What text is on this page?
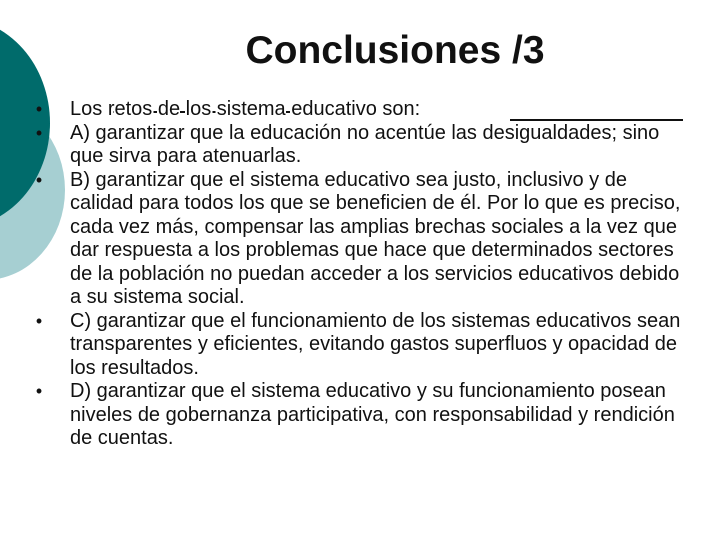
Conclusiones /3
• Los retos de los sistema educativo son:
• A) garantizar que la educación no acentúe las desigualdades; sino que sirva para atenuarlas.
• B) garantizar que el sistema educativo sea justo, inclusivo y de calidad para todos los que se beneficien de él. Por lo que es preciso, cada vez más, compensar las amplias brechas sociales a la vez que dar respuesta a los problemas que hace que determinados sectores de la población no puedan acceder a los servicios educativos debido a su sistema social.
• C) garantizar que el funcionamiento de los sistemas educativos sean transparentes y eficientes, evitando gastos superfluos y opacidad de los resultados.
• D) garantizar que el sistema educativo y su funcionamiento posean niveles de gobernanza participativa, con responsabilidad y rendición de cuentas.
